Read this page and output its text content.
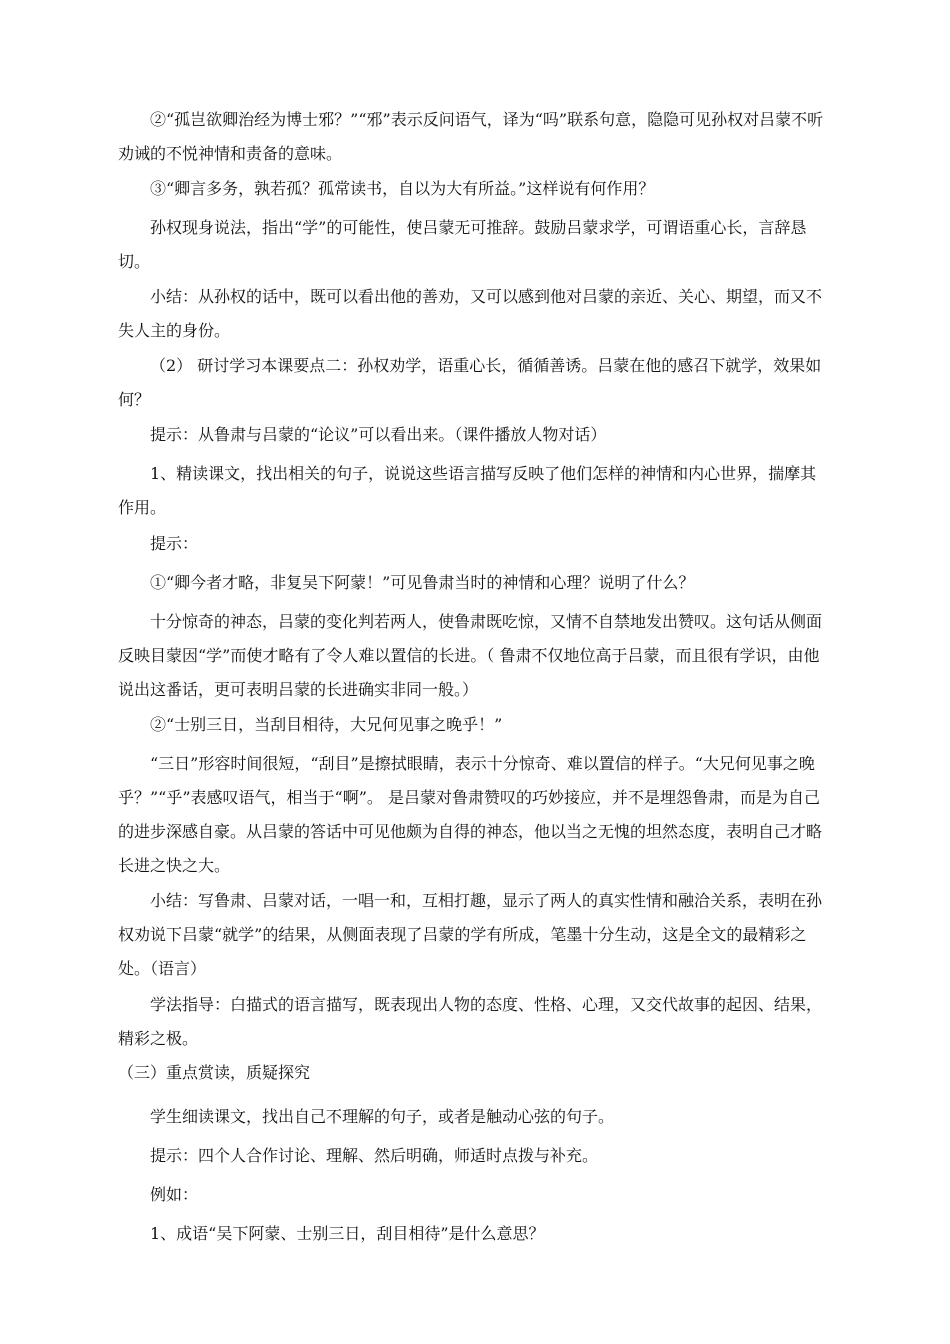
②“孤岂欲卿治经为博士邪？”“邪”表示反问语气，译为“吗”联系句意，隐隐可见孙权对吕蒙不听劝诫的不悦神情和责备的意味。

③“卿言多务，孰若孤？孤常读书，自以为大有所益。”这样说有何作用？

孙权现身说法，指出“学”的可能性，使吕蒙无可推辞。鼓励吕蒙求学，可谓语重心长，言辞恳切。

小结：从孙权的话中，既可以看出他的善劝，又可以感到他对吕蒙的亲近、关心、期望，而又不失人主的身份。

（2） 研讨学习本课要点二：孙权劝学，语重心长，循循善诱。吕蒙在他的感召下就学，效果如何？

提示：从鲁肃与吕蒙的“论议”可以看出来。（课件播放人物对话）

1、精读课文，找出相关的句子，说说这些语言描写反映了他们怎样的神情和内心世界，揣摩其作用。

提示：

①“卿今者才略，非复吴下阿蒙！”可见鲁肃当时的神情和心理？说明了什么？

十分惊奇的神态，吕蒙的变化判若两人，使鲁肃既吃惊，又情不自禁地发出赞叹。这句话从侧面反映目蒙因“学”而使才略有了令人难以置信的长进。（ 鲁肃不仅地位高于吕蒙，而且很有学识，由他说出这番话，更可表明吕蒙的长进确实非同一般。）

②“士别三日，当刮目相待，大兄何见事之晚乎！”

“三日”形容时间很短，“刮目”是擦拭眼睛，表示十分惊奇、难以置信的样子。“大兄何见事之晚乎？”“乎”表感叹语气，相当于“啊”。 是吕蒙对鲁肃赞叹的巧妙接应，并不是埋怨鲁肃，而是为自己的进步深感自豪。从吕蒙的答话中可见他颇为自得的神态，他以当之无愧的坦然态度，表明自己才略长进之快之大。

小结：写鲁肃、吕蒙对话，一唱一和，互相打趣，显示了两人的真实性情和融洽关系，表明在孙权劝说下吕蒙“就学”的结果，从侧面表现了吕蒙的学有所成，笔墨十分生动，这是全文的最精彩之处。（语言）

学法指导：白描式的语言描写，既表现出人物的态度、性格、心理，又交代故事的起因、结果，精彩之极。

（三）重点赏读，质疑探究

学生细读课文，找出自己不理解的句子，或者是触动心弦的句子。

提示：四个人合作讨论、理解、然后明确，师适时点拨与补充。

例如：

1、成语“吴下阿蒙、士别三日，刮目相待”是什么意思？
